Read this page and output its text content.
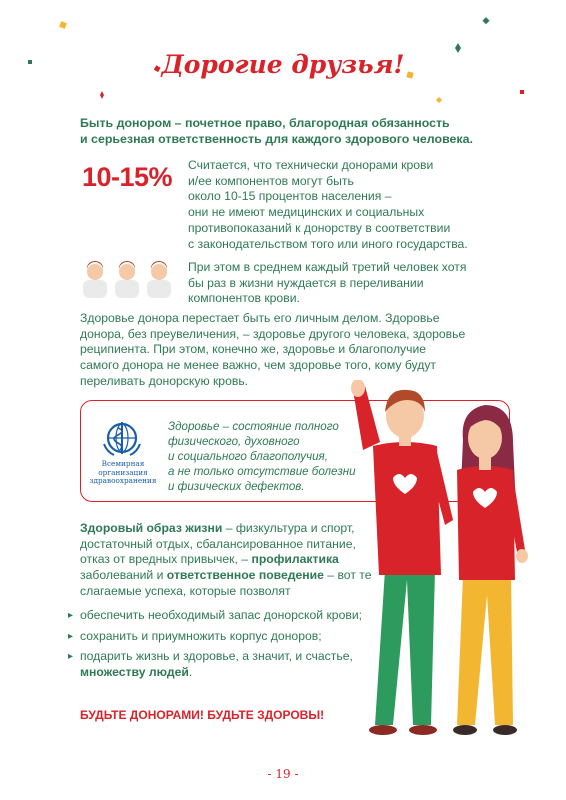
Дорогие друзья!
Быть донором – почетное право, благородная обязанность
и серьезная ответственность для каждого здорового человека.
10-15% Считается, что технически донорами крови
и/ее компонентов могут быть
около 10-15 процентов населения –
они не имеют медицинских и социальных
противопоказаний к донорству в соответствии
с законодательством того или иного государства.
При этом в среднем каждый третий человек хотя
бы раз в жизни нуждается в переливании
компонентов крови.
Здоровье донора перестает быть его личным делом. Здоровье
донора, без преувеличения, – здоровье другого человека, здоровье
реципиента. При этом, конечно же, здоровье и благополучие
самого донора не менее важно, чем здоровье того, кому будут
переливать донорскую кровь.
Всемирная
организация
здравоохранения
Здоровье – состояние полного
физического, духовного
и социального благополучия,
а не только отсутствие болезни
и физических дефектов.
Здоровый образ жизни – физкультура и спорт, достаточный отдых, сбалансированное питание, отказ от вредных привычек, – профилактика заболеваний и ответственное поведение – вот те слагаемые успеха, которые позволят
▸ обеспечить необходимый запас донорской крови;
▸ сохранить и приумножить корпус доноров;
▸ подарить жизнь и здоровье, а значит, и счастье, множеству людей.
БУДЬТЕ ДОНОРАМИ! БУДЬТЕ ЗДОРОВЫ!
- 19 -
